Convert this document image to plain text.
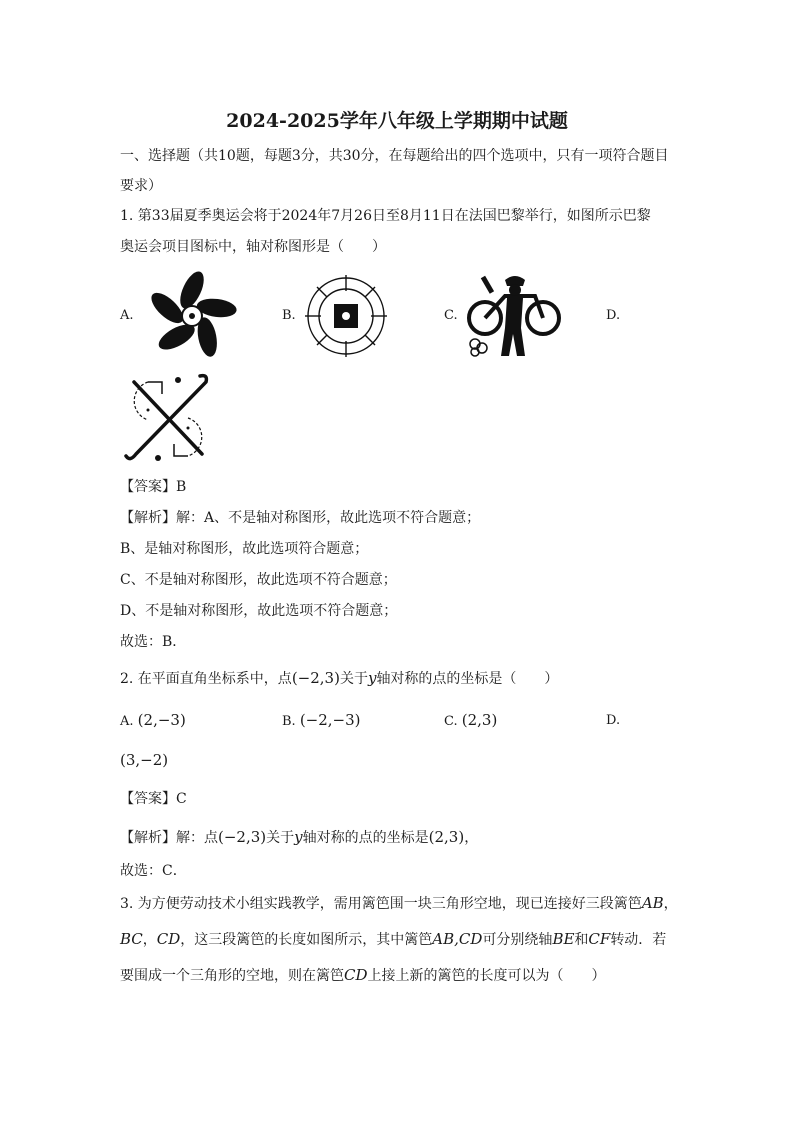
2024-2025学年八年级上学期期中试题
一、选择题（共10题，每题3分，共30分，在每题给出的四个选项中，只有一项符合题目
要求）
1. 第33届夏季奥运会将于2024年7月26日至8月11日在法国巴黎举行，如图所示巴黎
奥运会项目图标中，轴对称图形是（　　）
A.	B.	C.	D.
【答案】B
【解析】解：A、不是轴对称图形，故此选项不符合题意；
B、是轴对称图形，故此选项符合题意；
C、不是轴对称图形，故此选项不符合题意；
D、不是轴对称图形，故此选项不符合题意；
故选：B．
2. 在平面直角坐标系中，点(−2,3)关于y轴对称的点的坐标是（　　）
A. (2,−3)	B. (−2,−3)	C. (2,3)	D.
(3,−2)
【答案】C
【解析】解：点(−2,3)关于y轴对称的点的坐标是(2,3)，
故选：C．
3. 为方便劳动技术小组实践教学，需用篱笆围一块三角形空地，现已连接好三段篱笆AB，
BC，CD，这三段篱笆的长度如图所示，其中篱笆AB,CD可分别绕轴BE和CF转动．若
要围成一个三角形的空地，则在篱笆CD上接上新的篱笆的长度可以为（　　）
